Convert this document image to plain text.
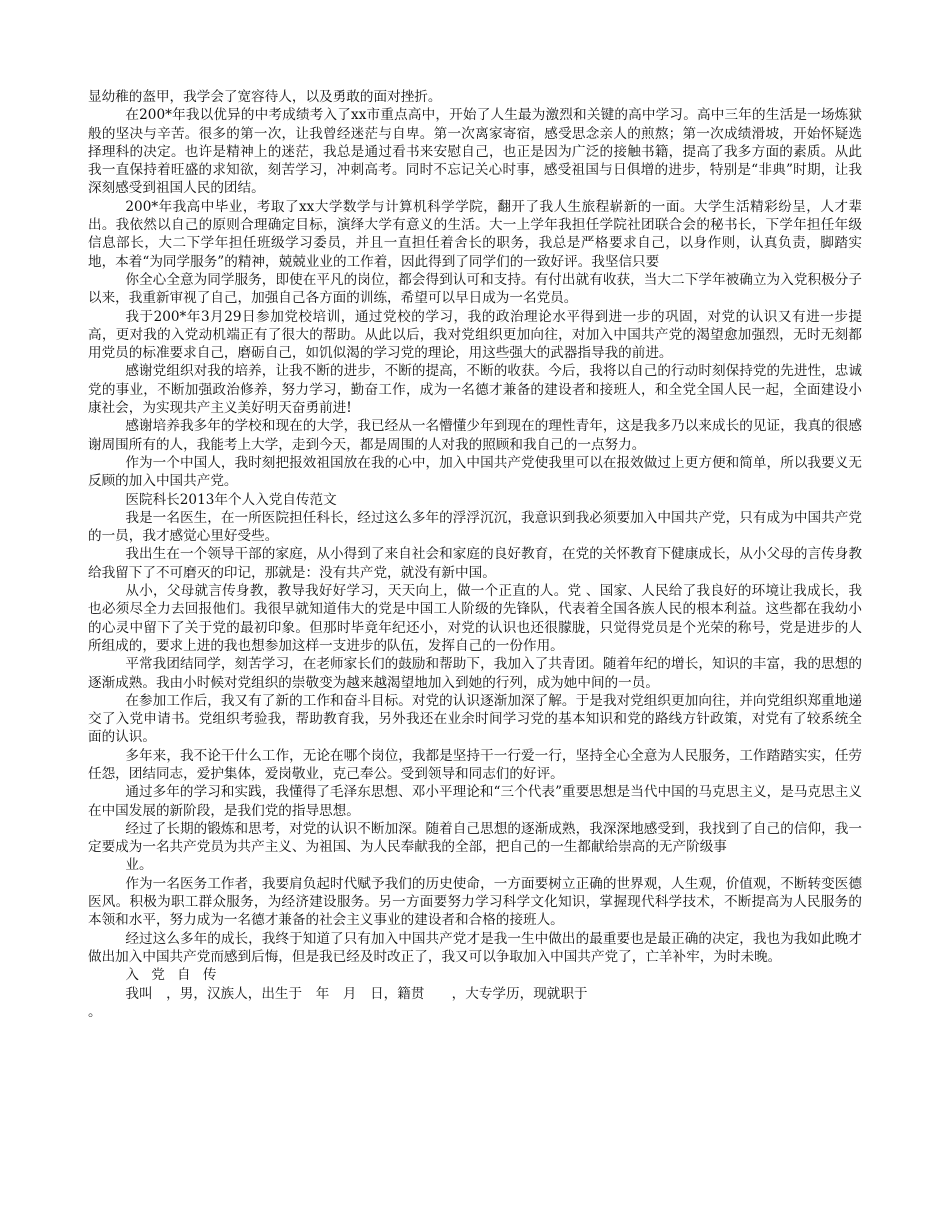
显幼稚的盔甲，我学会了宽容待人，以及勇敢的面对挫折。

在200*年我以优异的中考成绩考入了xx市重点高中，开始了人生最为激烈和关键的高中学习。高中三年的生活是一场炼狱般的坚决与辛苦。很多的第一次，让我曾经迷茫与自卑。第一次离家寄宿，感受思念亲人的煎熬；第一次成绩滑坡，开始怀疑选择理科的决定。也许是精神上的迷茫，我总是通过看书来安慰自己，也正是因为广泛的接触书籍，提高了我多方面的素质。从此我一直保持着旺盛的求知欲，刻苦学习，冲刺高考。同时不忘记关心时事，感受祖国与日俱增的进步，特别是“非典”时期，让我深刻感受到祖国人民的团结。

200*年我高中毕业，考取了xx大学数学与计算机科学学院，翻开了我人生旅程崭新的一面。大学生活精彩纷呈，人才辈出。我依然以自己的原则合理确定目标，演绎大学有意义的生活。大一上学年我担任学院社团联合会的秘书长，下学年担任年级信息部长，大二下学年担任班级学习委员，并且一直担任着舍长的职务，我总是严格要求自己，以身作则，认真负责，脚踏实地，本着“为同学服务”的精神，兢兢业业的工作着，因此得到了同学们的一致好评。我坚信只要

你全心全意为同学服务，即使在平凡的岗位，都会得到认可和支持。有付出就有收获，当大二下学年被确立为入党积极分子以来，我重新审视了自己，加强自己各方面的训练，希望可以早日成为一名党员。

我于200*年3月29日参加党校培训，通过党校的学习，我的政治理论水平得到进一步的巩固，对党的认识又有进一步提高，更对我的入党动机端正有了很大的帮助。从此以后，我对党组织更加向往，对加入中国共产党的渴望愈加强烈，无时无刻都用党员的标准要求自己，磨砺自己，如饥似渴的学习党的理论，用这些强大的武器指导我的前进。

感谢党组织对我的培养，让我不断的进步，不断的提高，不断的收获。今后，我将以自己的行动时刻保持党的先进性，忠诚党的事业，不断加强政治修养，努力学习，勤奋工作，成为一名德才兼备的建设者和接班人，和全党全国人民一起，全面建设小康社会，为实现共产主义美好明天奋勇前进!

感谢培养我多年的学校和现在的大学，我已经从一名懵懂少年到现在的理性青年，这是我多乃以来成长的见证，我真的很感谢周围所有的人，我能考上大学，走到今天，都是周围的人对我的照顾和我自己的一点努力。

作为一个中国人，我时刻把报效祖国放在我的心中，加入中国共产党使我里可以在报效做过上更方便和简单，所以我要义无反顾的加入中国共产党。

医院科长2013年个人入党自传范文

我是一名医生，在一所医院担任科长，经过这么多年的浮浮沉沉，我意识到我必须要加入中国共产党，只有成为中国共产党的一员，我才感觉心里好受些。

我出生在一个领导干部的家庭，从小得到了来自社会和家庭的良好教育，在党的关怀教育下健康成长，从小父母的言传身教给我留下了不可磨灭的印记，那就是：没有共产党，就没有新中国。

从小，父母就言传身教，教导我好好学习，天天向上，做一个正直的人。党 、国家、人民给了我良好的环境让我成长，我也必须尽全力去回报他们。我很早就知道伟大的党是中国工人阶级的先锋队，代表着全国各族人民的根本利益。这些都在我幼小的心灵中留下了关于党的最初印象。但那时毕竟年纪还小，对党的认识也还很朦胧，只觉得党员是个光荣的称号，党是进步的人所组成的，要求上进的我也想参加这样一支进步的队伍，发挥自己的一份作用。

平常我团结同学，刻苦学习，在老师家长们的鼓励和帮助下，我加入了共青团。随着年纪的增长，知识的丰富，我的思想的逐渐成熟。我由小时候对党组织的崇敬变为越来越渴望地加入到她的行列，成为她中间的一员。

在参加工作后，我又有了新的工作和奋斗目标。对党的认识逐渐加深了解。于是我对党组织更加向往，并向党组织郑重地递交了入党申请书。党组织考验我，帮助教育我，另外我还在业余时间学习党的基本知识和党的路线方针政策，对党有了较系统全面的认识。

多年来，我不论干什么工作，无论在哪个岗位，我都是坚持干一行爱一行，坚持全心全意为人民服务，工作踏踏实实，任劳任怨，团结同志，爱护集体，爱岗敬业，克己奉公。受到领导和同志们的好评。

通过多年的学习和实践，我懂得了毛泽东思想、邓小平理论和“三个代表”重要思想是当代中国的马克思主义，是马克思主义在中国发展的新阶段，是我们党的指导思想。

经过了长期的锻炼和思考，对党的认识不断加深。随着自己思想的逐渐成熟，我深深地感受到，我找到了自己的信仰，我一定要成为一名共产党员为共产主义、为祖国、为人民奉献我的全部，把自己的一生都献给崇高的无产阶级事

业。

作为一名医务工作者，我要肩负起时代赋予我们的历史使命，一方面要树立正确的世界观，人生观，价值观，不断转变医德医风。积极为职工群众服务，为经济建设服务。另一方面要努力学习科学文化知识，掌握现代科学技术，不断提高为人民服务的本领和水平，努力成为一名德才兼备的社会主义事业的建设者和合格的接班人。

经过这么多年的成长，我终于知道了只有加入中国共产党才是我一生中做出的最重要也是最正确的决定，我也为我如此晚才做出加入中国共产党而感到后悔，但是我已经及时改正了，我又可以争取加入中国共产党了，亡羊补牢，为时未晚。

入党自传

我叫　，男，汉族人，出生于　年　月　日，籍贯　　，大专学历，现就职于

。
